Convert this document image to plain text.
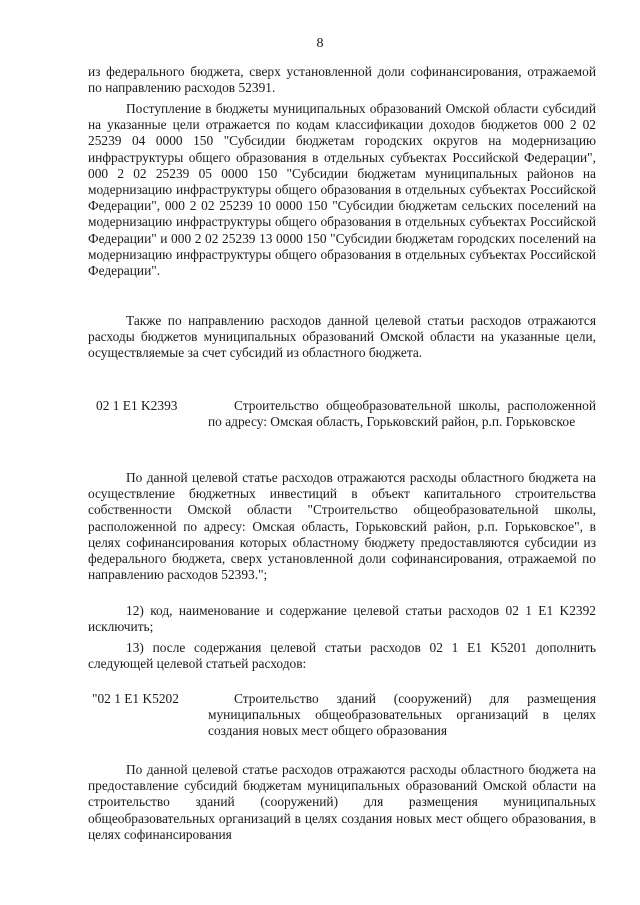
8

из федерального бюджета, сверх установленной доли софинансирования, отражаемой по направлению расходов 52391.

Поступление в бюджеты муниципальных образований Омской области субсидий на указанные цели отражается по кодам классификации доходов бюджетов 000 2 02 25239 04 0000 150 "Субсидии бюджетам городских округов на модернизацию инфраструктуры общего образования в отдельных субъектах Российской Федерации", 000 2 02 25239 05 0000 150 "Субсидии бюджетам муниципальных районов на модернизацию инфраструктуры общего образования в отдельных субъектах Российской Федерации", 000 2 02 25239 10 0000 150 "Субсидии бюджетам сельских поселений на модернизацию инфраструктуры общего образования в отдельных субъектах Российской Федерации" и 000 2 02 25239 13 0000 150 "Субсидии бюджетам городских поселений на модернизацию инфраструктуры общего образования в отдельных субъектах Российской Федерации".

Также по направлению расходов данной целевой статьи расходов отражаются расходы бюджетов муниципальных образований Омской области на указанные цели, осуществляемые за счет субсидий из областного бюджета.

02 1 E1 K2393	Строительство общеобразовательной школы, расположенной по адресу: Омская область, Горьковский район, р.п. Горьковское

По данной целевой статье расходов отражаются расходы областного бюджета на осуществление бюджетных инвестиций в объект капитального строительства собственности Омской области "Строительство общеобразовательной школы, расположенной по адресу: Омская область, Горьковский район, р.п. Горьковское", в целях софинансирования которых областному бюджету предоставляются субсидии из федерального бюджета, сверх установленной доли софинансирования, отражаемой по направлению расходов 52393.";

12) код, наименование и содержание целевой статьи расходов 02 1 E1 K2392 исключить;

13) после содержания целевой статьи расходов 02 1 E1 K5201 дополнить следующей целевой статьей расходов:

"02 1 E1 K5202	Строительство зданий (сооружений) для размещения муниципальных общеобразовательных организаций в целях создания новых мест общего образования

По данной целевой статье расходов отражаются расходы областного бюджета на предоставление субсидий бюджетам муниципальных образований Омской области на строительство зданий (сооружений) для размещения муниципальных общеобразовательных организаций в целях создания новых мест общего образования, в целях софинансирования
